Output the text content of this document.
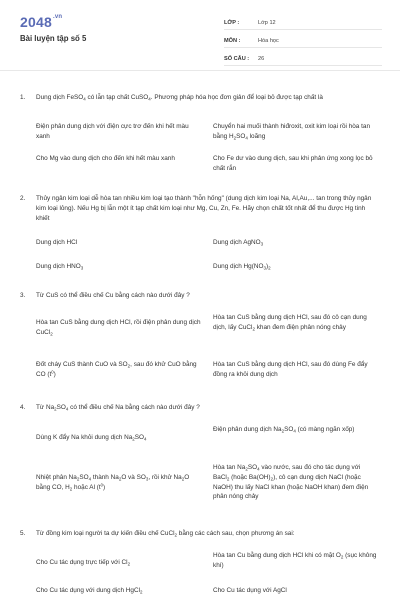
$2048^{.vn}$
Bài luyện tập số 5
LỚP :	Lớp 12
MÔN :	Hóa học
SỐ CÂU :	26
1.	Dung dịch FeSO$_4$ có lẫn tạp chất CuSO$_4$. Phương pháp hóa học đơn giản để loại bỏ được tạp chất là
Điện phân dung dịch với điện cực trơ đến khi hết màu xanh
Chuyển hai muối thành hiđroxit, oxit kim loại rồi hòa tan bằng $H_2SO_4$ loãng
Cho Mg vào dung dịch cho đến khi hết màu xanh	Cho Fe dư vào dung dịch, sau khi phản ứng xong lọc bỏ chất rắn
2.	Thủy ngân kim loại dễ hòa tan nhiều kim loại tạo thành "hỗn hống" (dung dịch kim loại Na, Al,Au,... tan trong thủy ngân kim loại lỏng). Nếu Hg bị lẫn một ít tạp chất kim loại như Mg, Cu, Zn, Fe. Hãy chọn chất tốt nhất để thu được Hg tinh khiết
Dung dịch HCl	Dung dịch AgNO$_3$
Dung dịch $HNO_3$	Dung dịch $Hg(NO_3)_2$
3.	Từ CuS có thể điều chế Cu bằng cách nào dưới đây ?
Hòa tan CuS bằng dung dịch HCl, rồi điện phân dung dịch CuCl$_2$
Hòa tan CuS bằng dung dịch HCl, sau đó cô cạn dung dịch, lấy CuCl$_2$ khan đem điện phân nóng chảy
Đốt cháy CuS thành CuO và $SO_2$, sau đó khử CuO bằng CO $(t^0)$
Hòa tan CuS bằng dung dịch HCl, sau đó dùng Fe đẩy đồng ra khỏi dung dịch
4.	Từ $Na_2SO_4$ có thể điều chế Na bằng cách nào dưới đây ?
Dùng K đẩy Na khỏi dung dịch $Na_2SO_4$
Điện phân dung dịch $Na_2SO_4$ (có màng ngăn xốp)
Nhiệt phân $Na_2SO_4$ thành $Na_2O$ và $SO_3$, rồi khử $Na_2O$ bằng CO, $H_2$ hoặc Al $(t^0)$
Hòa $\tan Na_2SO_4$ vào nước, sau đó cho tác dụng với BaCl$_2$ (hoặc $Ba(OH)_2$), cô cạn dung dịch NaCl (hoặc NaOH) thu lấy NaCl khan (hoặc NaOH khan) đem điện phân nóng chảy
5.	Từ đồng kim loại người ta dự kiến điều chế CuCl$_2$ bằng các cách sau, chọn phương án sai:
Cho Cu tác dụng trực tiếp với $Cl_2$
Hòa tan Cu bằng dung dịch HCl khi có mặt $O_2$ (sục không khí)
Cho Cu tác dụng với dung dịch HgCl$_2$	Cho Cu tác dụng với AgCl
